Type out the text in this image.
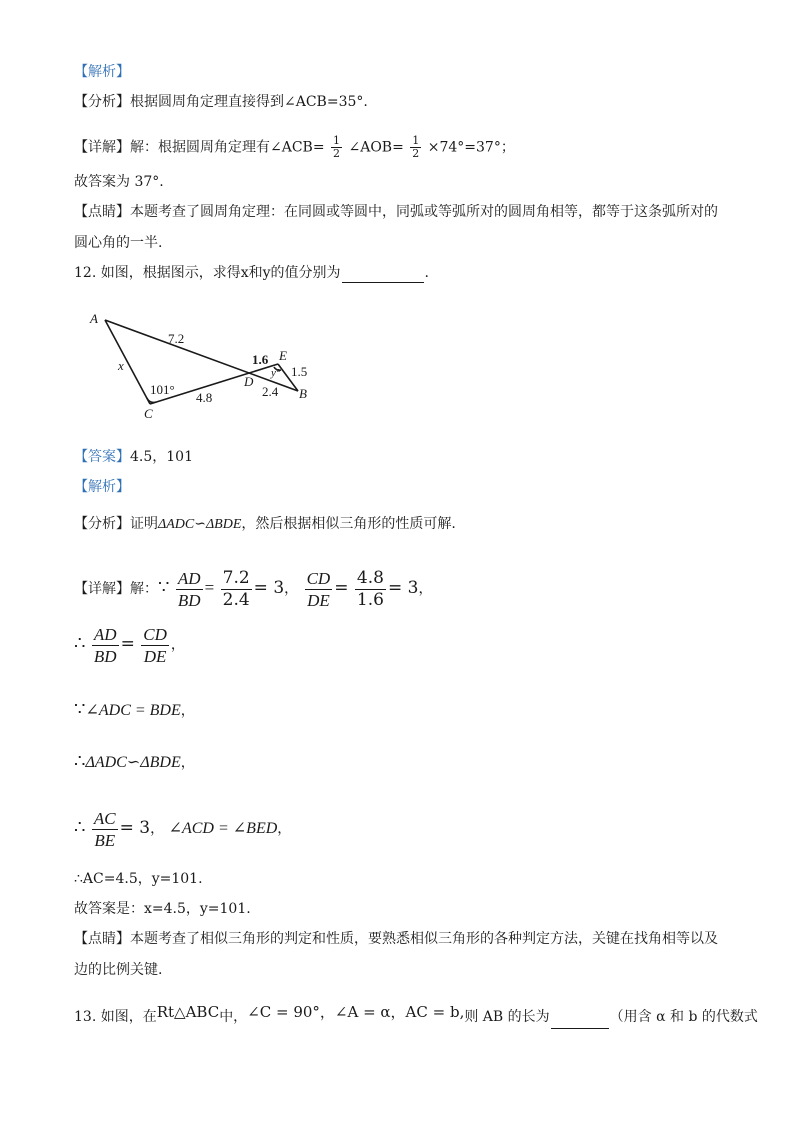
【解析】
【分析】根据圆周角定理直接得到∠ACB=35°.
【详解】解：根据圆周角定理有∠ACB= $\frac{1}{2}$ ∠AOB= $\frac{1}{2} \times 74^\circ=37^\circ$；
故答案为 37°.
【点睛】本题考查了圆周角定理：在同圆或等圆中，同弧或等弧所对的圆周角相等，都等于这条弧所对的
圆心角的一半.
12. 如图，根据图示，求得x和y的值分别为	.
A
C
D
E
B
7.2
x
4.8
1.6
2.4
1.5
101°
y°
【答案】4.5，101
【解析】
【分析】证明ΔADC∽ΔBDE，然后根据相似三角形的性质可解.
【详解】解：∵ $\frac{AD}{BD} = \frac{7.2}{2.4} = 3$， $\frac{CD}{DE} = \frac{4.8}{1.6} = 3$，
∴ $\frac{AD}{BD} = \frac{CD}{DE}$ ，
∵∠ADC = BDE，
∴ΔADC∽ΔBDE，
∴ $\frac{AC}{BE} = 3$， ∠ACD = ∠BED，
∴AC=4.5，y=101.
故答案是：x=4.5，y=101.
【点睛】本题考查了相似三角形的判定和性质，要熟悉相似三角形的各种判定方法，关键在找角相等以及
边的比例关键.
13. 如图，在Rt△ABC中，∠C = 90°，∠A = α，AC = b,则 AB 的长为	（用含 α 和 b 的代数式
